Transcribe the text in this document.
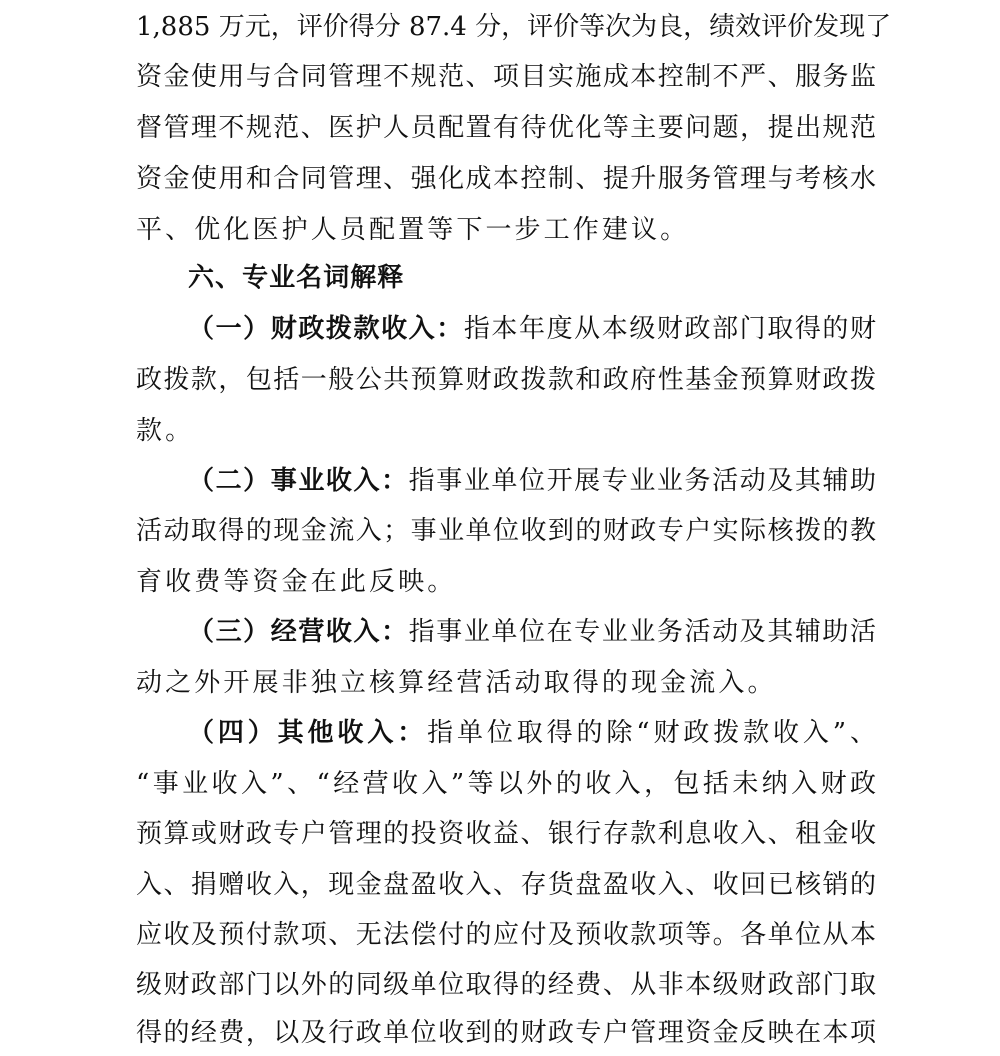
1,885 万元，评价得分 87.4 分，评价等次为良，绩效评价发现了
资金使用与合同管理不规范、项目实施成本控制不严、服务监
督管理不规范、医护人员配置有待优化等主要问题，提出规范
资金使用和合同管理、强化成本控制、提升服务管理与考核水
平、优化医护人员配置等下一步工作建议。
六、专业名词解释
（一）财政拨款收入：指本年度从本级财政部门取得的财
政拨款，包括一般公共预算财政拨款和政府性基金预算财政拨
款。
（二）事业收入：指事业单位开展专业业务活动及其辅助
活动取得的现金流入；事业单位收到的财政专户实际核拨的教
育收费等资金在此反映。
（三）经营收入：指事业单位在专业业务活动及其辅助活
动之外开展非独立核算经营活动取得的现金流入。
（四）其他收入：指单位取得的除“财政拨款收入”、
“事业收入”、“经营收入”等以外的收入，包括未纳入财政
预算或财政专户管理的投资收益、银行存款利息收入、租金收
入、捐赠收入，现金盘盈收入、存货盘盈收入、收回已核销的
应收及预付款项、无法偿付的应付及预收款项等。各单位从本
级财政部门以外的同级单位取得的经费、从非本级财政部门取
得的经费，以及行政单位收到的财政专户管理资金反映在本项
